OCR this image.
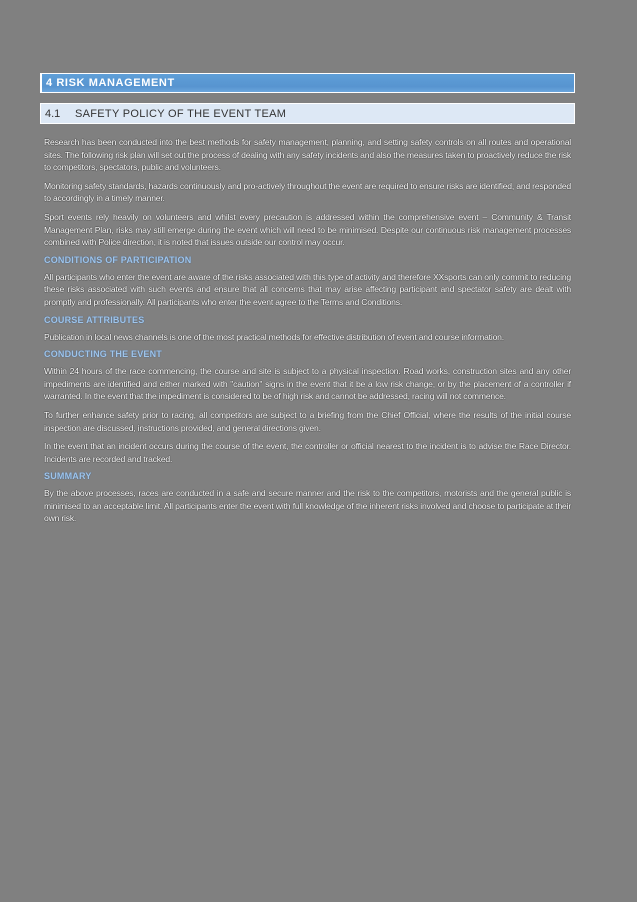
4 RISK MANAGEMENT
4.1	SAFETY POLICY OF THE EVENT TEAM

Research has been conducted into the best methods for safety management, planning, and setting safety controls on all routes and operational sites. The following risk plan will set out the process of dealing with any safety incidents and also the measures taken to proactively reduce the risk to competitors, spectators, public and volunteers.

Monitoring safety standards, hazards continuously and pro-actively throughout the event are required to ensure risks are identified, and responded to accordingly in a timely manner.

Sport events rely heavily on volunteers and whilst every precaution is addressed within the comprehensive event – Community & Transit Management Plan, risks may still emerge during the event which will need to be minimised. Despite our continuous risk management processes combined with Police direction, it is noted that issues outside our control may occur.

CONDITIONS OF PARTICIPATION

All participants who enter the event are aware of the risks associated with this type of activity and therefore XXsports can only commit to reducing these risks associated with such events and ensure that all concerns that may arise affecting participant and spectator safety are dealt with promptly and professionally. All participants who enter the event agree to the Terms and Conditions.

COURSE ATTRIBUTES

Publication in local news channels is one of the most practical methods for effective distribution of event and course information.

CONDUCTING THE EVENT

Within 24 hours of the race commencing, the course and site is subject to a physical inspection. Road works, construction sites and any other impediments are identified and either marked with "caution" signs in the event that it be a low risk change, or by the placement of a controller if warranted. In the event that the impediment is considered to be of high risk and cannot be addressed, racing will not commence.

To further enhance safety prior to racing, all competitors are subject to a briefing from the Chief Official, where the results of the initial course inspection are discussed, instructions provided, and general directions given.

In the event that an incident occurs during the course of the event, the controller or official nearest to the incident is to advise the Race Director. Incidents are recorded and tracked.

SUMMARY

By the above processes, races are conducted in a safe and secure manner and the risk to the competitors, motorists and the general public is minimised to an acceptable limit. All participants enter the event with full knowledge of the inherent risks involved and choose to participate at their own risk.
